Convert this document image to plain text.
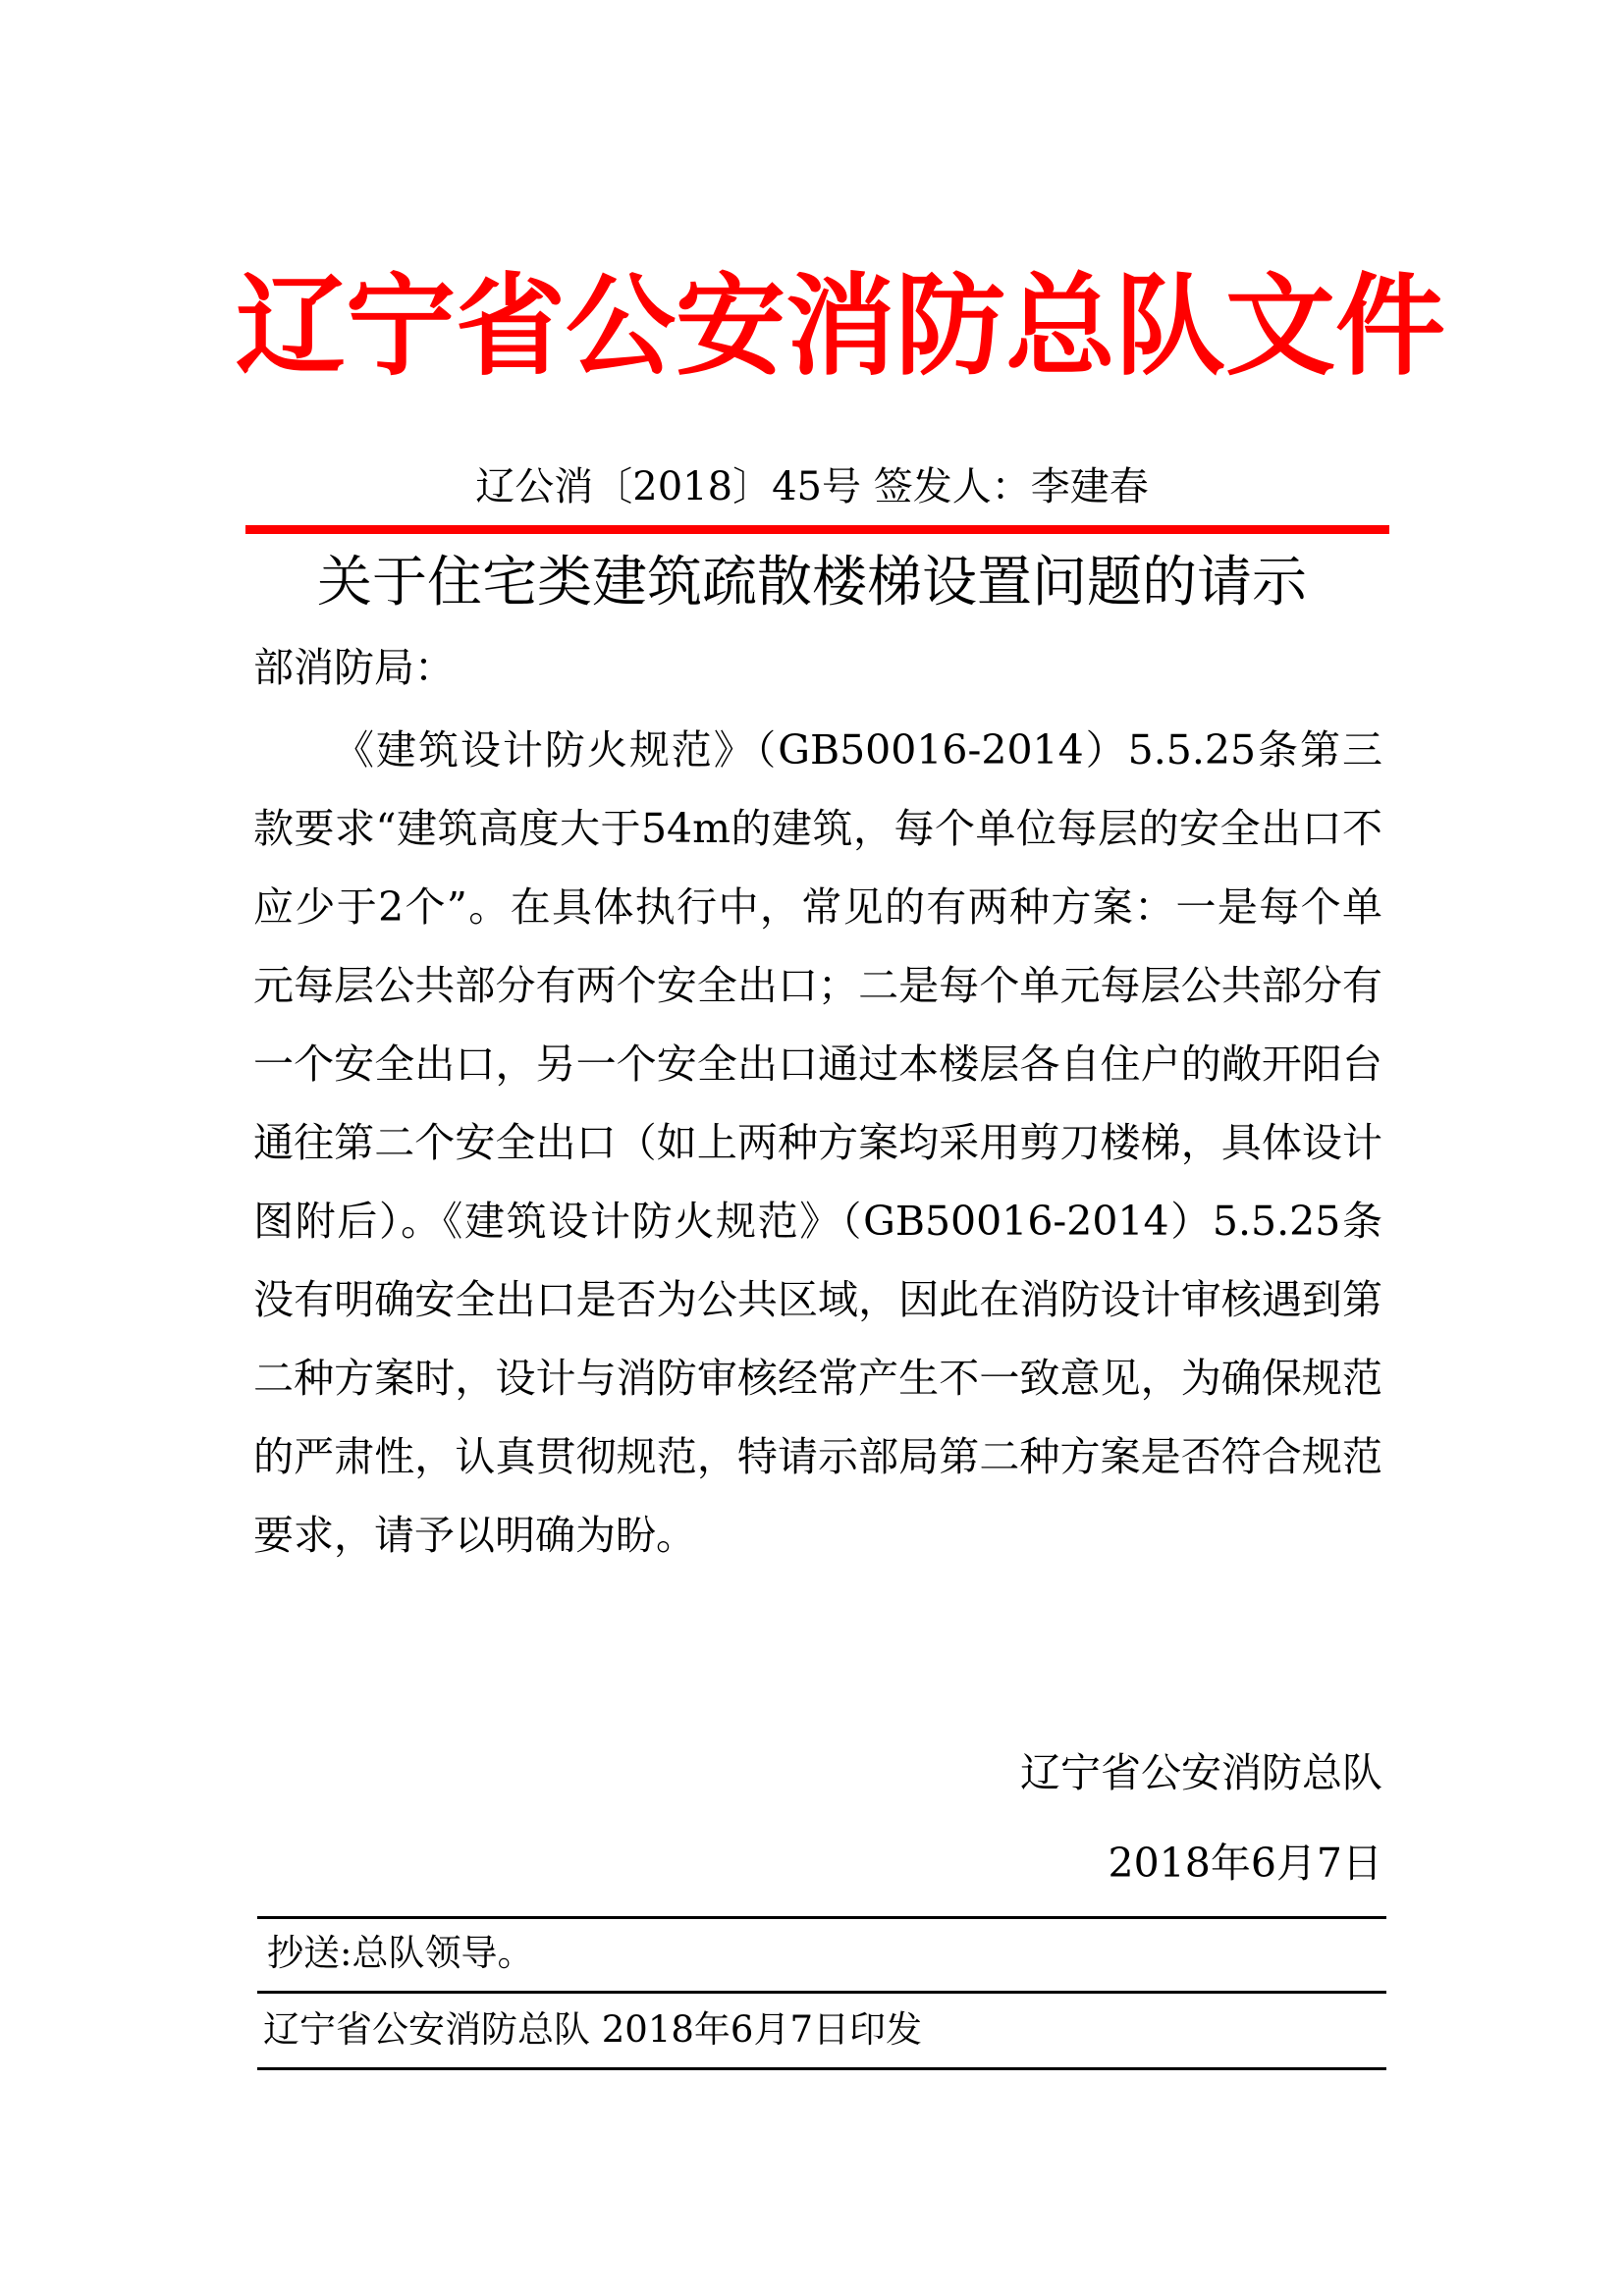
辽宁省公安消防总队文件
辽公消〔2018〕45号 签发人：李建春
关于住宅类建筑疏散楼梯设置问题的请示
部消防局：

《建筑设计防火规范》（GB50016-2014）5.5.25条第三款要求“建筑高度大于54m的建筑，每个单位每层的安全出口不应少于2个”。在具体执行中，常见的有两种方案：一是每个单元每层公共部分有两个安全出口；二是每个单元每层公共部分有一个安全出口，另一个安全出口通过本楼层各自住户的敞开阳台通往第二个安全出口（如上两种方案均采用剪刀楼梯，具体设计图附后）。《建筑设计防火规范》（GB50016-2014）5.5.25条没有明确安全出口是否为公共区域，因此在消防设计审核遇到第二种方案时，设计与消防审核经常产生不一致意见，为确保规范的严肃性，认真贯彻规范，特请示部局第二种方案是否符合规范要求，请予以明确为盼。

辽宁省公安消防总队
2018年6月7日
抄送:总队领导。
辽宁省公安消防总队 2018年6月7日印发
